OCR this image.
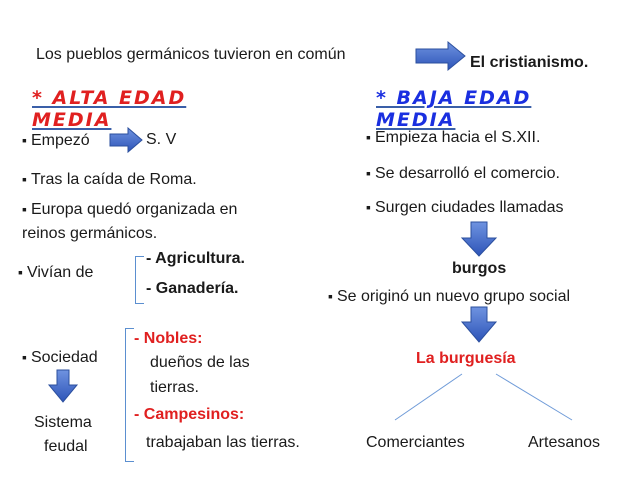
Los pueblos germánicos tuvieron en común	El cristianismo.
* ALTA EDAD
MEDIA
* BAJA EDAD
MEDIA
▪ Empezó	S. V
▪ Tras la caída de Roma.
▪ Europa quedó organizada en
reinos germánicos.
▪ Vivían de
- Agricultura.
- Ganadería.
▪ Sociedad
Sistema
feudal
- Nobles:
dueños de las
tierras.
- Campesinos:
trabajaban las tierras.
▪ Empieza hacia el S.XII.
▪ Se desarrolló el comercio.
▪ Surgen ciudades llamadas
burgos
▪ Se originó un nuevo grupo social
La burguesía
Comerciantes	Artesanos
